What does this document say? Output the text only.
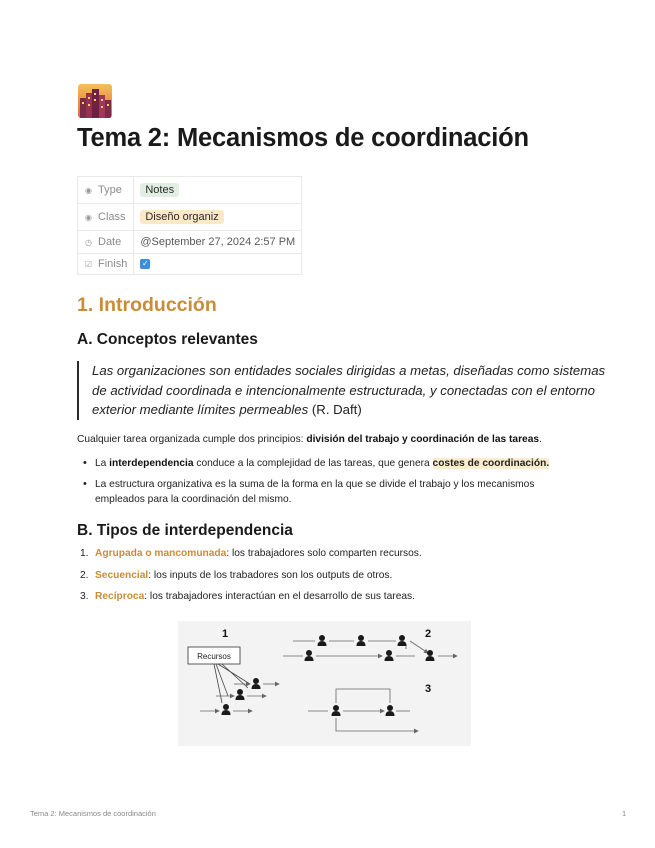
Tema 2: Mecanismos de coordinación
◉ Type	Notes
◉ Class	Diseño organiz
◷ Date	@September 27, 2024 2:57 PM
☑ Finish	✓
1. Introducción
A. Conceptos relevantes
Las organizaciones son entidades sociales dirigidas a metas, diseñadas como sistemas de actividad coordinada e intencionalmente estructurada, y conectadas con el entorno exterior mediante límites permeables (R. Daft)

Cualquier tarea organizada cumple dos principios: división del trabajo y coordinación de las tareas.

• La interdependencia conduce a la complejidad de las tareas, que genera costes de coordinación.
• La estructura organizativa es la suma de la forma en la que se divide el trabajo y los mecanismos empleados para la coordinación del mismo.
B. Tipos de interdependencia
1. Agrupada o mancomunada: los trabajadores solo comparten recursos.
2. Secuencial: los inputs de los trabadores son los outputs de otros.
3. Recíproca: los trabajadores interactúan en el desarrollo de sus tareas.
1	2
3
Recursos
Tema 2: Mecanismos de coordinación	1
